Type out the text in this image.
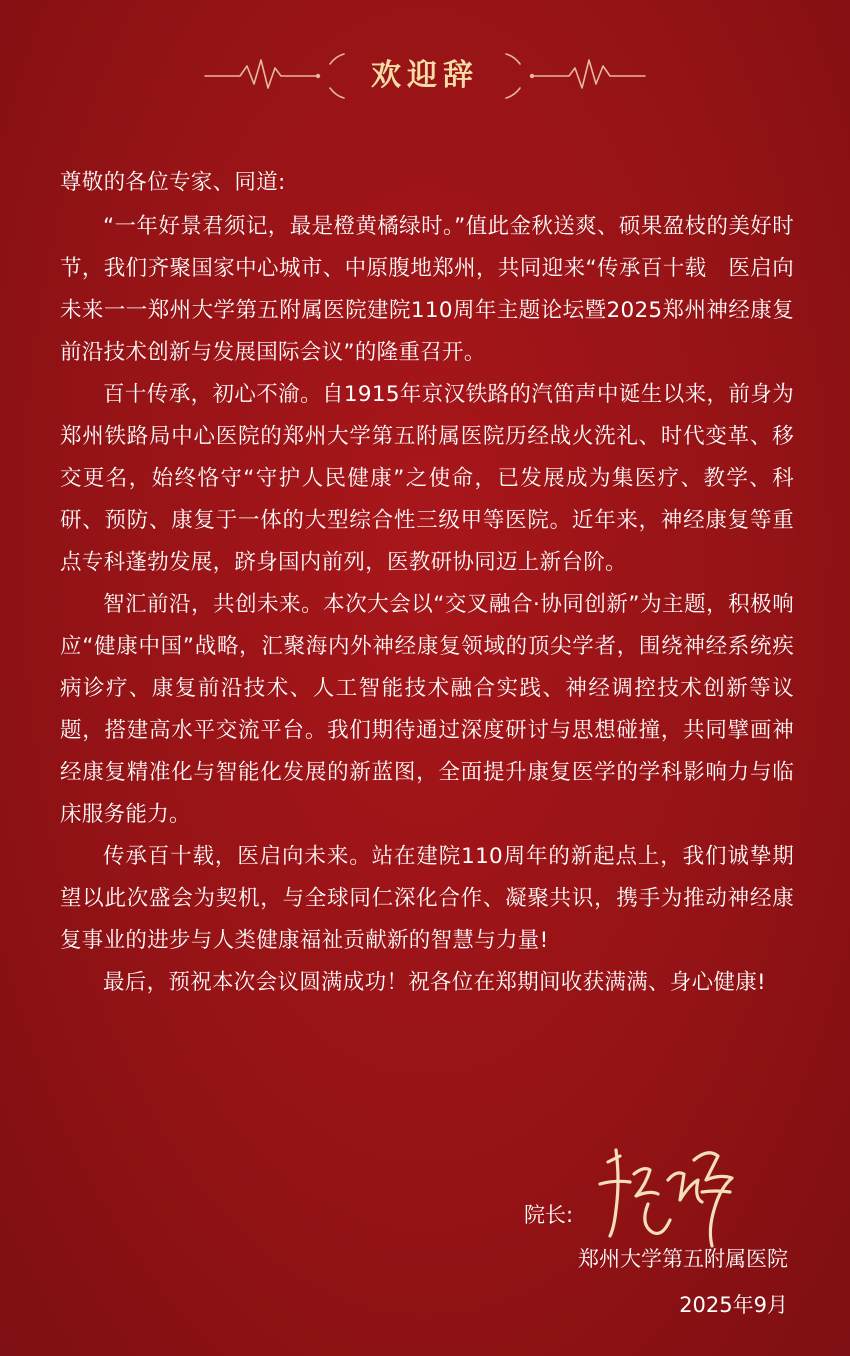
欢迎辞

尊敬的各位专家、同道:

“一年好景君须记，最是橙黄橘绿时。”值此金秋送爽、硕果盈枝的美好时节，我们齐聚国家中心城市、中原腹地郑州，共同迎来“传承百十载　医启向未来一一郑州大学第五附属医院建院110周年主题论坛暨2025郑州神经康复前沿技术创新与发展国际会议”的隆重召开。

百十传承，初心不渝。自1915年京汉铁路的汽笛声中诞生以来，前身为郑州铁路局中心医院的郑州大学第五附属医院历经战火洗礼、时代变革、移交更名，始终恪守“守护人民健康”之使命，已发展成为集医疗、教学、科研、预防、康复于一体的大型综合性三级甲等医院。近年来，神经康复等重点专科蓬勃发展，跻身国内前列，医教研协同迈上新台阶。

智汇前沿，共创未来。本次大会以“交叉融合·协同创新”为主题，积极响应“健康中国”战略，汇聚海内外神经康复领域的顶尖学者，围绕神经系统疾病诊疗、康复前沿技术、人工智能技术融合实践、神经调控技术创新等议题，搭建高水平交流平台。我们期待通过深度研讨与思想碰撞，共同擘画神经康复精准化与智能化发展的新蓝图，全面提升康复医学的学科影响力与临床服务能力。

传承百十载，医启向未来。站在建院110周年的新起点上，我们诚挚期望以此次盛会为契机，与全球同仁深化合作、凝聚共识，携手为推动神经康复事业的进步与人类健康福祉贡献新的智慧与力量!

最后，预祝本次会议圆满成功！祝各位在郑期间收获满满、身心健康!

院长:
郑州大学第五附属医院
2025年9月
